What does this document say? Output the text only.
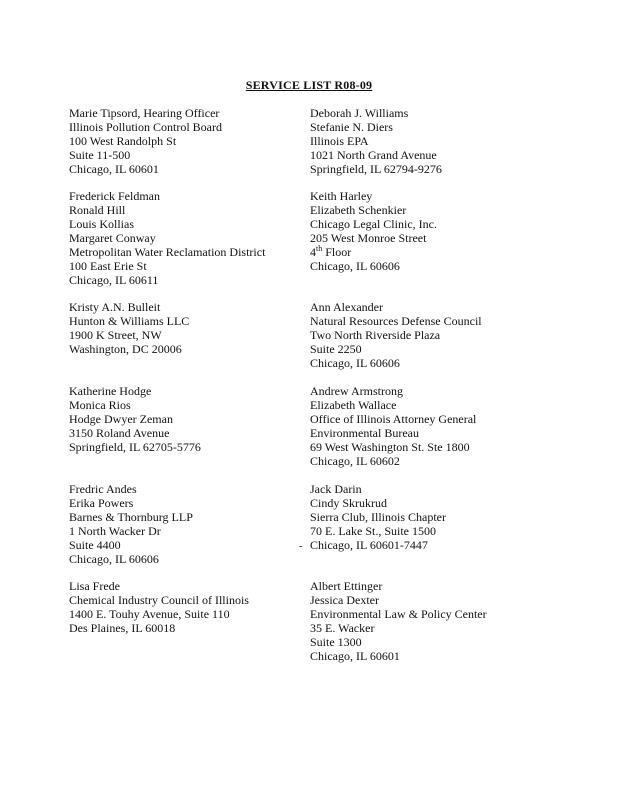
SERVICE LIST R08-09
Marie Tipsord, Hearing Officer
Illinois Pollution Control Board
100 West Randolph St
Suite 11-500
Chicago, IL 60601
Frederick Feldman
Ronald Hill
Louis Kollias
Margaret Conway
Metropolitan Water Reclamation District
100 East Erie St
Chicago, IL 60611
Kristy A.N. Bulleit
Hunton & Williams LLC
1900 K Street, NW
Washington, DC 20006
Katherine Hodge
Monica Rios
Hodge Dwyer Zeman
3150 Roland Avenue
Springfield, IL 62705-5776
Fredric Andes
Erika Powers
Barnes & Thornburg LLP
1 North Wacker Dr
Suite 4400
Chicago, IL 60606
Lisa Frede
Chemical Industry Council of Illinois
1400 E. Touhy Avenue, Suite 110
Des Plaines, IL 60018
Deborah J. Williams
Stefanie N. Diers
Illinois EPA
1021 North Grand Avenue
Springfield, IL 62794-9276
Keith Harley
Elizabeth Schenkier
Chicago Legal Clinic, Inc.
205 West Monroe Street
4th Floor
Chicago, IL 60606
Ann Alexander
Natural Resources Defense Council
Two North Riverside Plaza
Suite 2250
Chicago, IL 60606
Andrew Armstrong
Elizabeth Wallace
Office of Illinois Attorney General
Environmental Bureau
69 West Washington St. Ste 1800
Chicago, IL 60602
Jack Darin
Cindy Skrukrud
Sierra Club, Illinois Chapter
70 E. Lake St., Suite 1500
Chicago, IL 60601-7447
Albert Ettinger
Jessica Dexter
Environmental Law & Policy Center
35 E. Wacker
Suite 1300
Chicago, IL 60601
-
